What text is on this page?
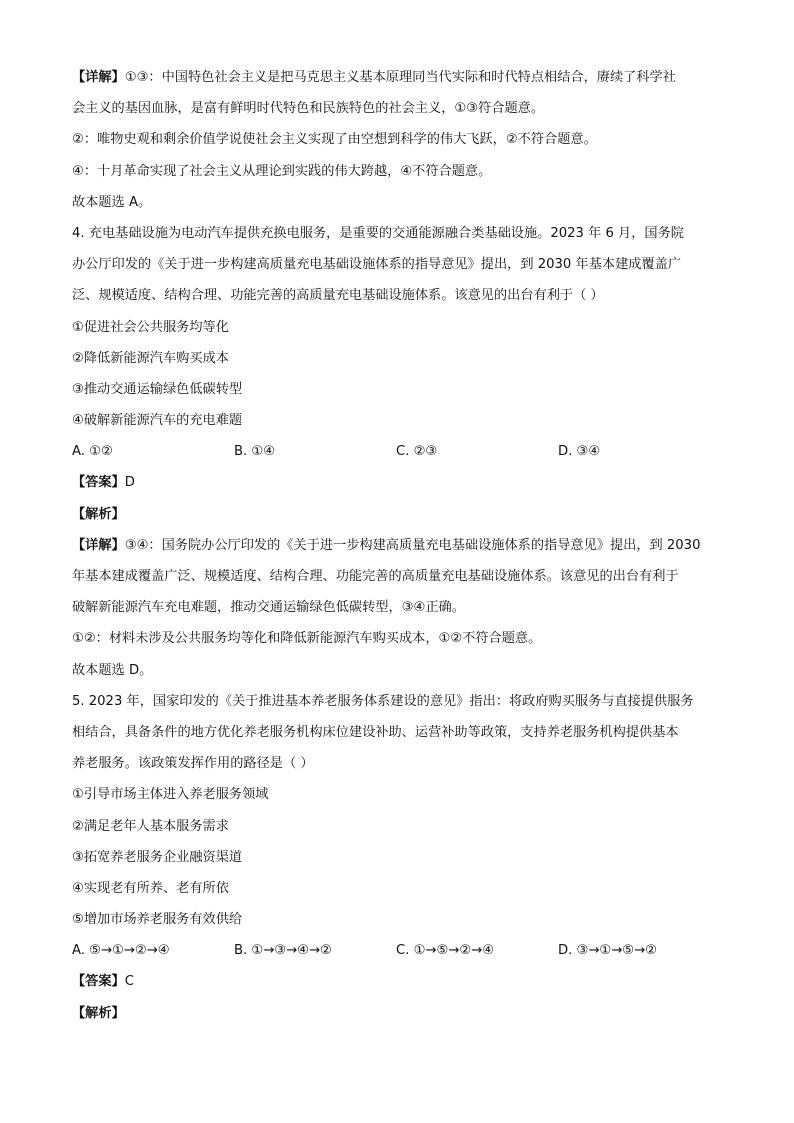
【详解】①③：中国特色社会主义是把马克思主义基本原理同当代实际和时代特点相结合，赓续了科学社
会主义的基因血脉，是富有鲜明时代特色和民族特色的社会主义，①③符合题意。
②：唯物史观和剩余价值学说使社会主义实现了由空想到科学的伟大飞跃，②不符合题意。
④：十月革命实现了社会主义从理论到实践的伟大跨越，④不符合题意。
故本题选 A。
4. 充电基础设施为电动汽车提供充换电服务，是重要的交通能源融合类基础设施。2023 年 6 月，国务院
办公厅印发的《关于进一步构建高质量充电基础设施体系的指导意见》提出，到 2030 年基本建成覆盖广
泛、规模适度、结构合理、功能完善的高质量充电基础设施体系。该意见的出台有利于（ ）
①促进社会公共服务均等化
②降低新能源汽车购买成本
③推动交通运输绿色低碳转型
④破解新能源汽车的充电难题
A. ①②	B. ①④	C. ②③	D. ③④
【答案】D
【解析】
【详解】③④：国务院办公厅印发的《关于进一步构建高质量充电基础设施体系的指导意见》提出，到 2030
年基本建成覆盖广泛、规模适度、结构合理、功能完善的高质量充电基础设施体系。该意见的出台有利于
破解新能源汽车充电难题，推动交通运输绿色低碳转型，③④正确。
①②：材料未涉及公共服务均等化和降低新能源汽车购买成本，①②不符合题意。
故本题选 D。
5. 2023 年，国家印发的《关于推进基本养老服务体系建设的意见》指出：将政府购买服务与直接提供服务
相结合，具备条件的地方优化养老服务机构床位建设补助、运营补助等政策，支持养老服务机构提供基本
养老服务。该政策发挥作用的路径是（ ）
①引导市场主体进入养老服务领域
②满足老年人基本服务需求
③拓宽养老服务企业融资渠道
④实现老有所养、老有所依
⑤增加市场养老服务有效供给
A. ⑤→①→②→④	B. ①→③→④→②	C. ①→⑤→②→④	D. ③→①→⑤→②
【答案】C
【解析】
